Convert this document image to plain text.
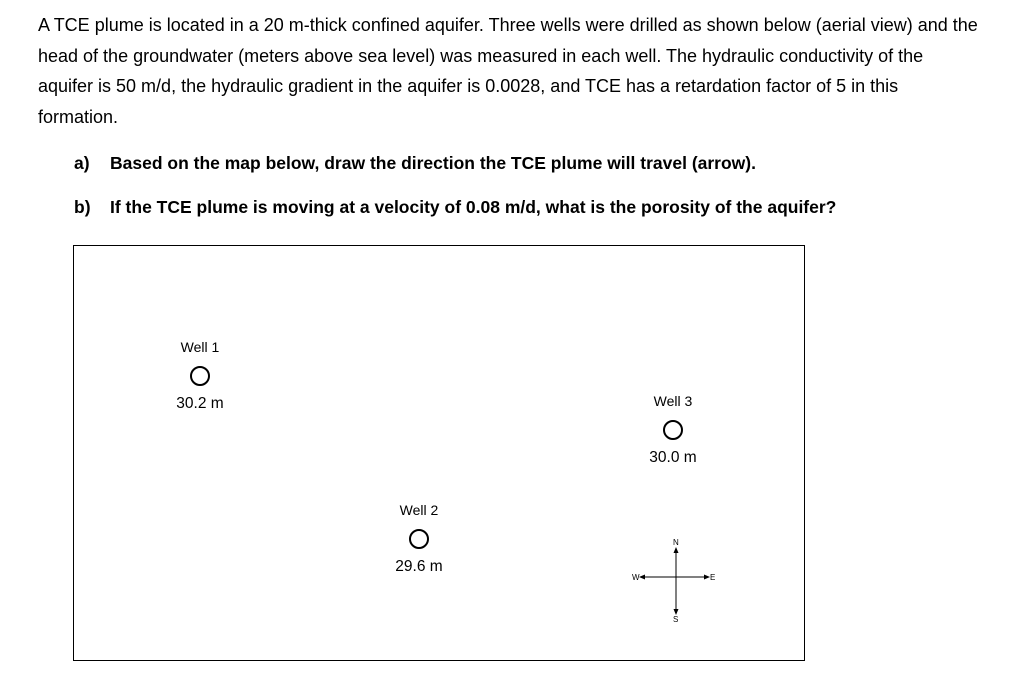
A TCE plume is located in a 20 m-thick confined aquifer. Three wells were drilled as shown below (aerial view) and the head of the groundwater (meters above sea level) was measured in each well. The hydraulic conductivity of the aquifer is 50 m/d, the hydraulic gradient in the aquifer is 0.0028, and TCE has a retardation factor of 5 in this formation.

a) Based on the map below, draw the direction the TCE plume will travel (arrow).
b) If the TCE plume is moving at a velocity of 0.08 m/d, what is the porosity of the aquifer?
Well 1
30.2 m
Well 2
29.6 m
Well 3
30.0 m
N
S
W	E
